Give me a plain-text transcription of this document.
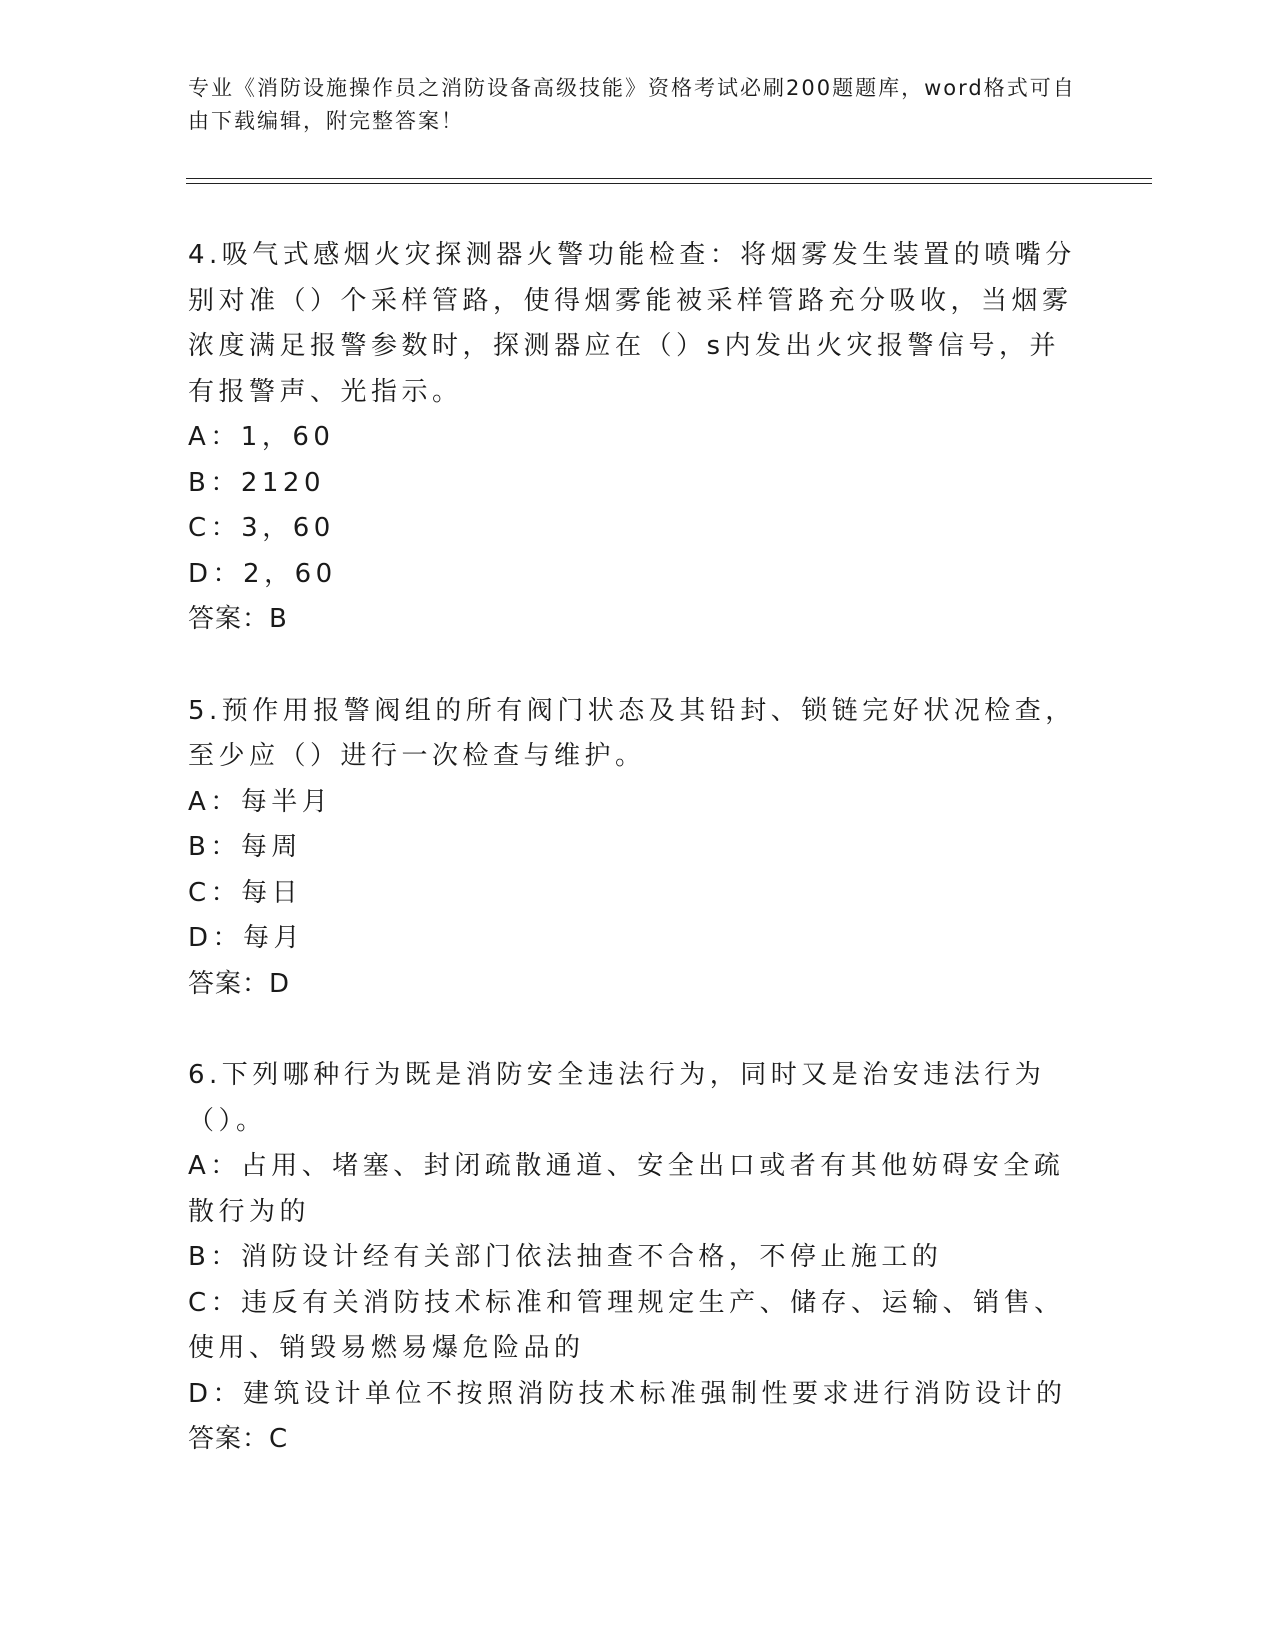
专业《消防设施操作员之消防设备高级技能》资格考试必刷200题题库，word格式可自由下载编辑，附完整答案！

4.吸气式感烟火灾探测器火警功能检查：将烟雾发生装置的喷嘴分别对准（）个采样管路，使得烟雾能被采样管路充分吸收，当烟雾浓度满足报警参数时，探测器应在（）s内发出火灾报警信号，并有报警声、光指示。

A：1，60

B：2120

C：3，60

D：2，60

答案：B

5.预作用报警阀组的所有阀门状态及其铅封、锁链完好状况检查，至少应（）进行一次检查与维护。

A：每半月

B：每周

C：每日

D：每月

答案：D

6.下列哪种行为既是消防安全违法行为，同时又是治安违法行为（）。

A：占用、堵塞、封闭疏散通道、安全出口或者有其他妨碍安全疏散行为的

B：消防设计经有关部门依法抽查不合格，不停止施工的

C：违反有关消防技术标准和管理规定生产、储存、运输、销售、使用、销毁易燃易爆危险品的

D：建筑设计单位不按照消防技术标准强制性要求进行消防设计的

答案：C
